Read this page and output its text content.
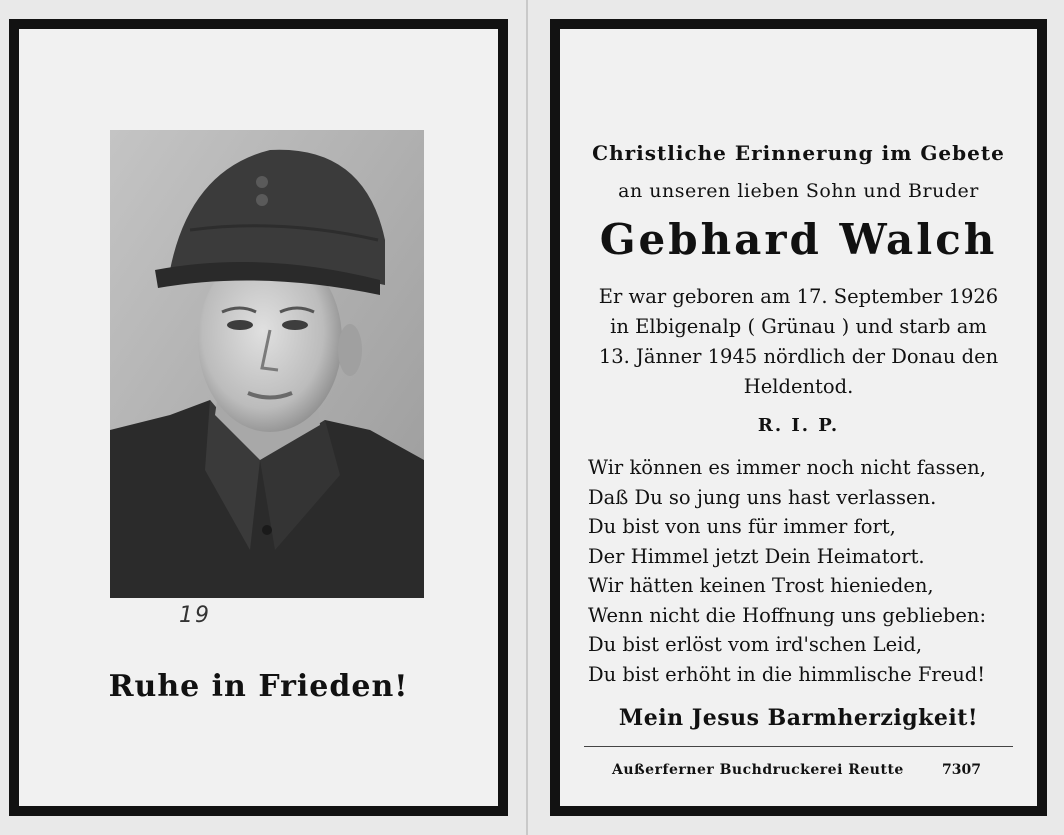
19
Ruhe in Frieden!
Christliche Erinnerung im Gebete
an unseren lieben Sohn und Bruder
Gebhard Walch
Er war geboren am 17. September 1926
in Elbigenalp ( Grünau ) und starb am
13. Jänner 1945 nördlich der Donau den
Heldentod.
R. I. P.
Wir können es immer noch nicht fassen,
Daß Du so jung uns hast verlassen.
Du bist von uns für immer fort,
Der Himmel jetzt Dein Heimatort.
Wir hätten keinen Trost hienieden,
Wenn nicht die Hoffnung uns geblieben:
Du bist erlöst vom ird'schen Leid,
Du bist erhöht in die himmlische Freud!
Mein Jesus Barmherzigkeit!
Außerferner Buchdruckerei Reutte	7307
